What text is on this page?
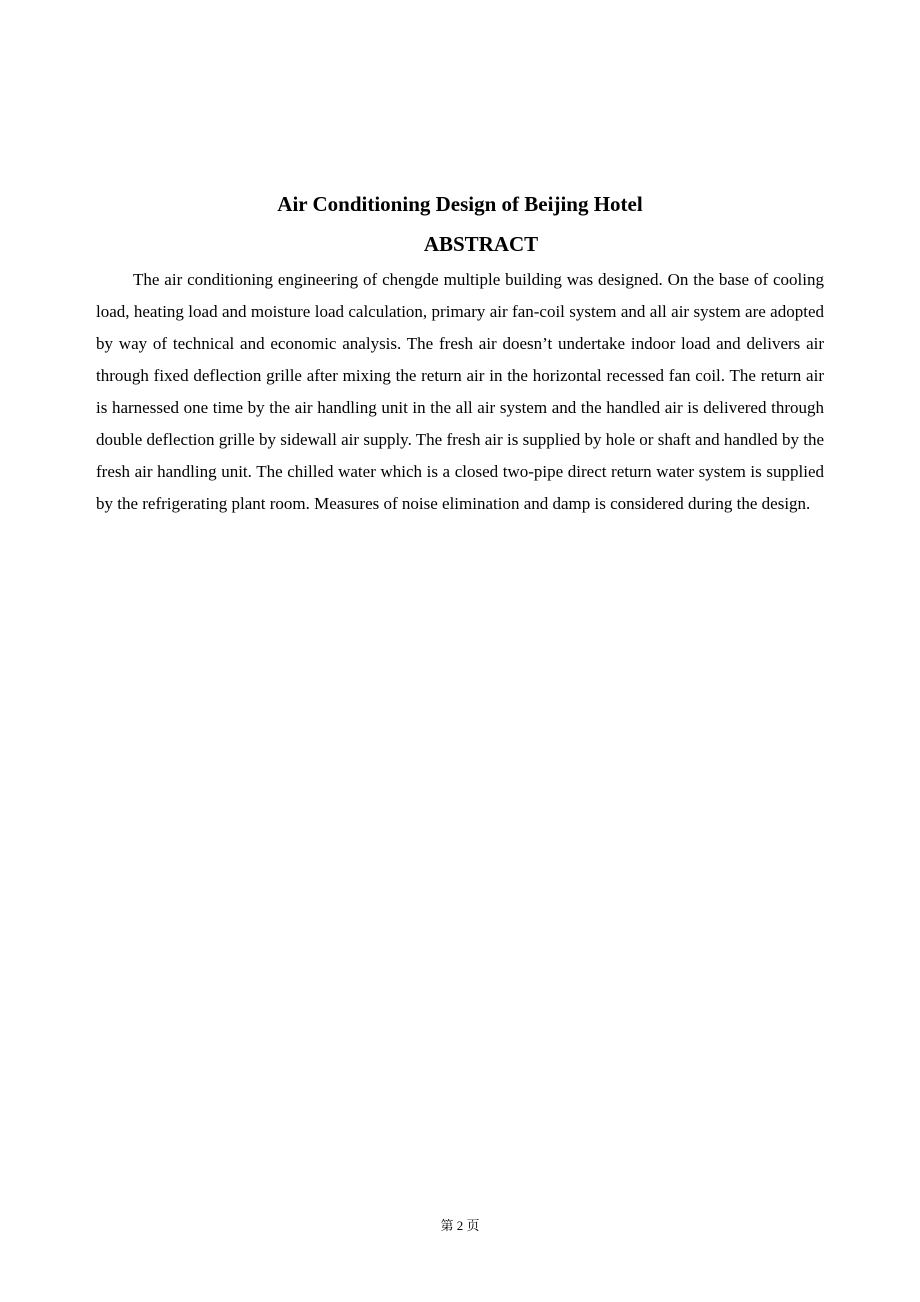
Air Conditioning Design of Beijing Hotel
ABSTRACT

The air conditioning engineering of chengde multiple building was designed. On the base of cooling load, heating load and moisture load calculation, primary air fan-coil system and all air system are adopted by way of technical and economic analysis. The fresh air doesn’t undertake indoor load and delivers air through fixed deflection grille after mixing the return air in the horizontal recessed fan coil. The return air is harnessed one time by the air handling unit in the all air system and the handled air is delivered through double deflection grille by sidewall air supply. The fresh air is supplied by hole or shaft and handled by the fresh air handling unit. The chilled water which is a closed two-pipe direct return water system is supplied by the refrigerating plant room. Measures of noise elimination and damp is considered during the design.

第 2 页
